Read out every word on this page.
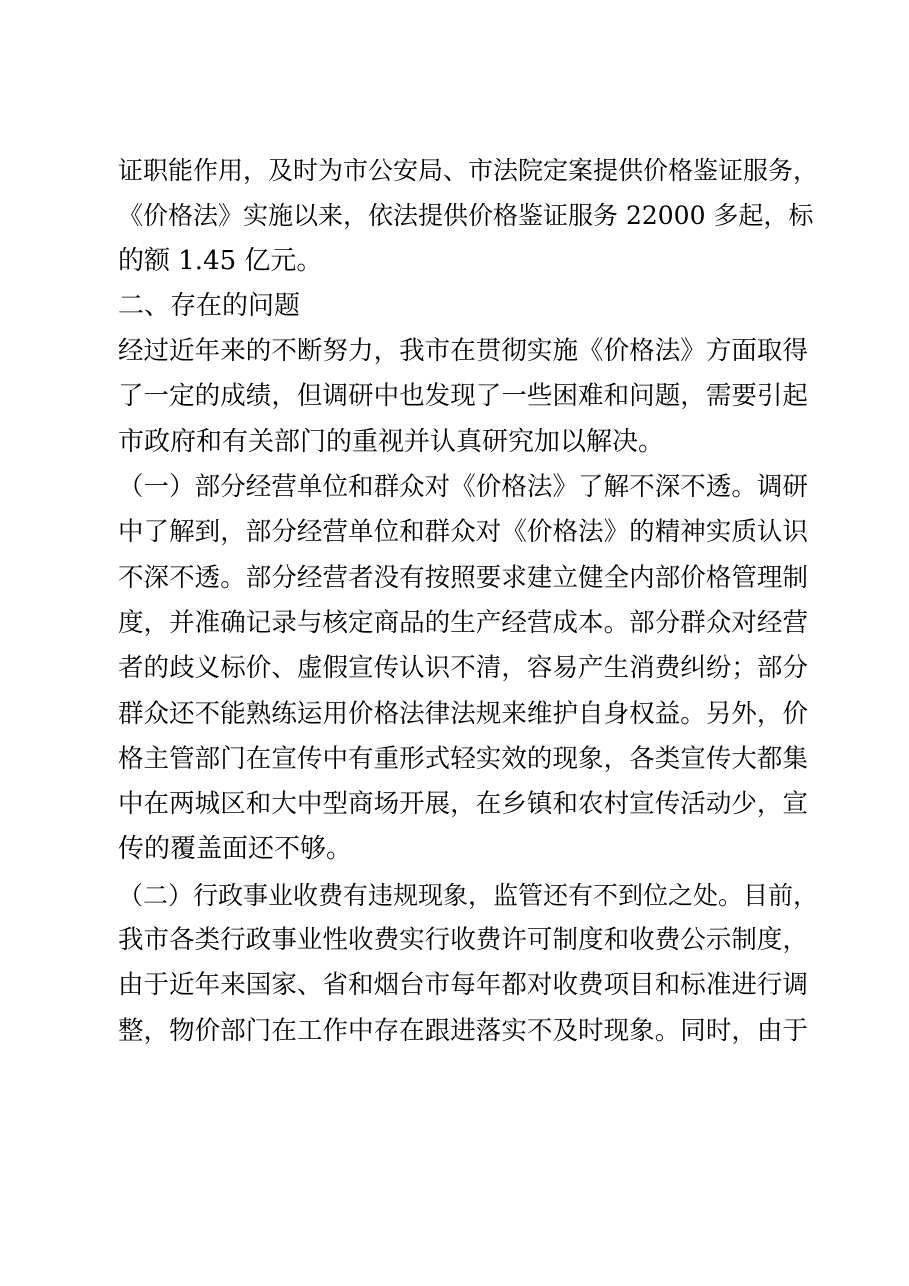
证职能作用，及时为市公安局、市法院定案提供价格鉴证服务，
《价格法》实施以来，依法提供价格鉴证服务 22000 多起，标
的额 1.45 亿元。
二、存在的问题
经过近年来的不断努力，我市在贯彻实施《价格法》方面取得
了一定的成绩，但调研中也发现了一些困难和问题，需要引起
市政府和有关部门的重视并认真研究加以解决。
（一）部分经营单位和群众对《价格法》了解不深不透。调研
中了解到，部分经营单位和群众对《价格法》的精神实质认识
不深不透。部分经营者没有按照要求建立健全内部价格管理制
度，并准确记录与核定商品的生产经营成本。部分群众对经营
者的歧义标价、虚假宣传认识不清，容易产生消费纠纷；部分
群众还不能熟练运用价格法律法规来维护自身权益。另外，价
格主管部门在宣传中有重形式轻实效的现象，各类宣传大都集
中在两城区和大中型商场开展，在乡镇和农村宣传活动少，宣
传的覆盖面还不够。
（二）行政事业收费有违规现象，监管还有不到位之处。目前，
我市各类行政事业性收费实行收费许可制度和收费公示制度，
由于近年来国家、省和烟台市每年都对收费项目和标准进行调
整，物价部门在工作中存在跟进落实不及时现象。同时，由于
